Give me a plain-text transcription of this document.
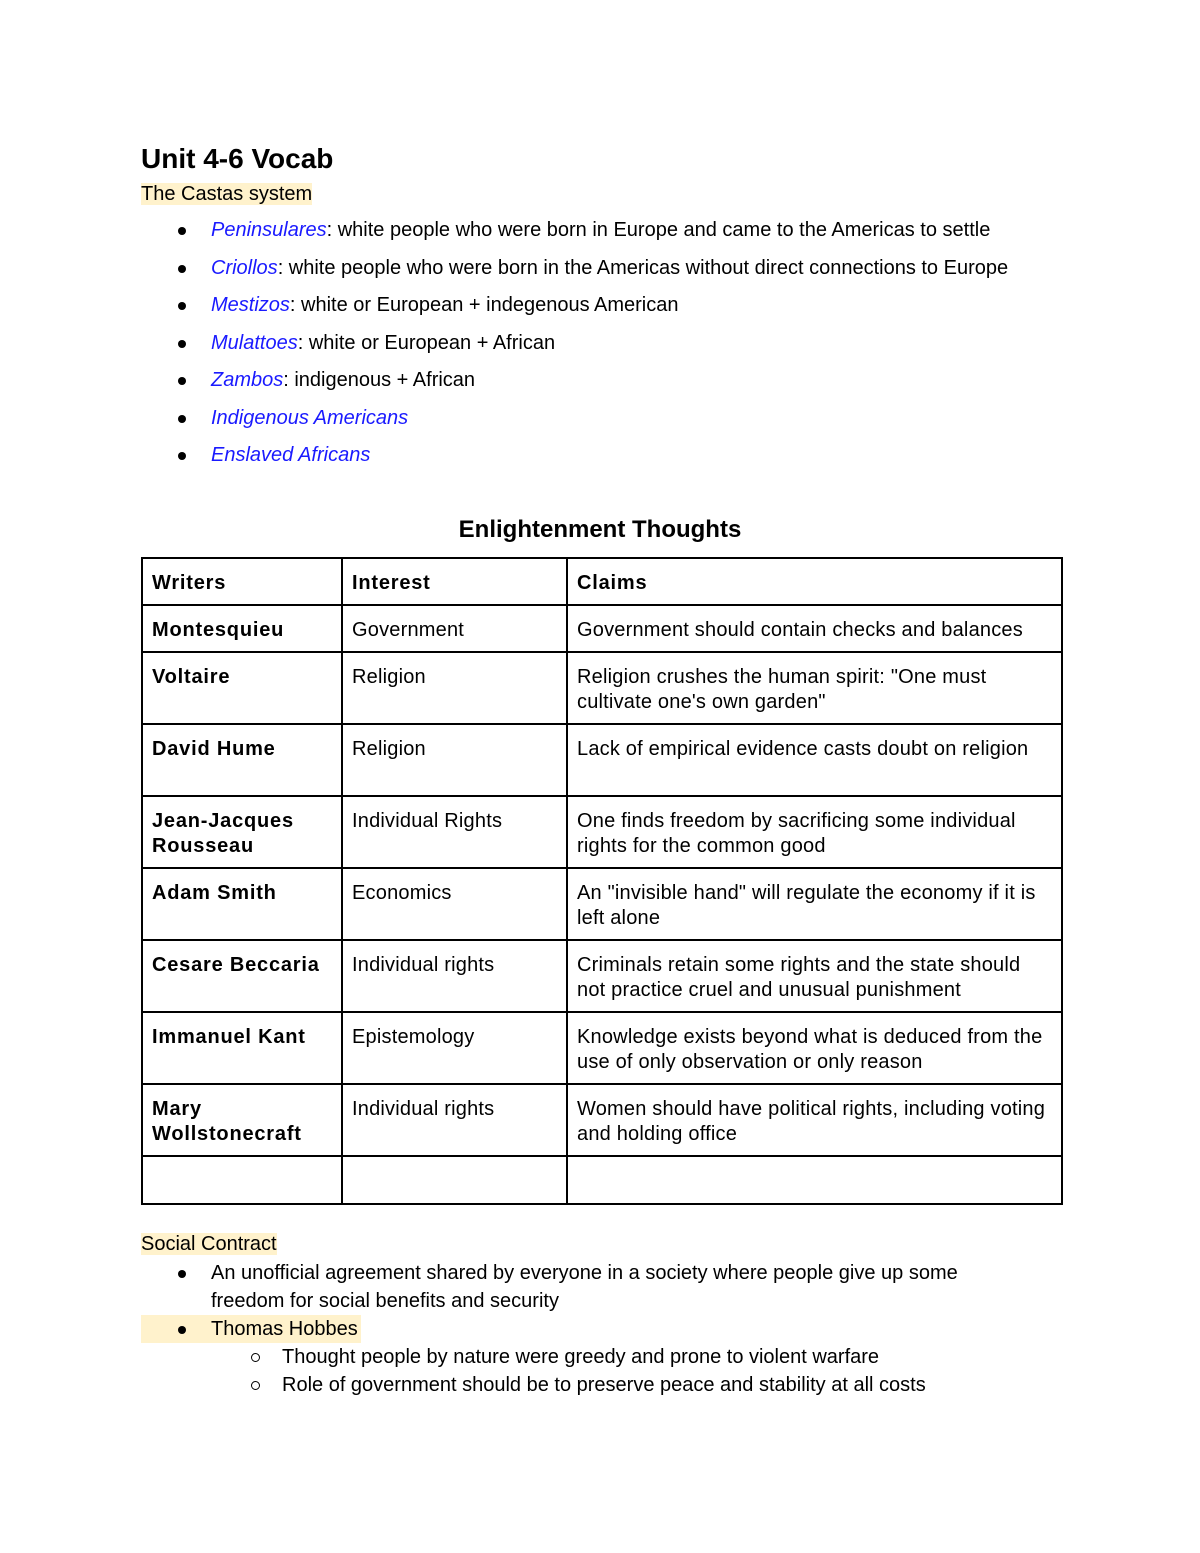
Unit 4-6 Vocab

The Castas system

Peninsulares: white people who were born in Europe and came to the Americas to settle
Criollos: white people who were born in the Americas without direct connections to Europe
Mestizos: white or European + indegenous American
Mulattoes: white or European + African
Zambos: indigenous + African
Indigenous Americans
Enslaved Africans
Enlightenment Thoughts
Writers	Interest	Claims
Montesquieu	Government	Government should contain checks and balances
Voltaire	Religion	Religion crushes the human spirit: "One must cultivate one's own garden"
David Hume	Religion	Lack of empirical evidence casts doubt on religion
Jean-Jacques Rousseau	Individual Rights	One finds freedom by sacrificing some individual rights for the common good
Adam Smith	Economics	An "invisible hand" will regulate the economy if it is left alone
Cesare Beccaria	Individual rights	Criminals retain some rights and the state should not practice cruel and unusual punishment
Immanuel Kant	Epistemology	Knowledge exists beyond what is deduced from the use of only observation or only reason
Mary Wollstonecraft	Individual rights	Women should have political rights, including voting and holding office

Social Contract

An unofficial agreement shared by everyone in a society where people give up some freedom for social benefits and security
Thomas Hobbes
Thought people by nature were greedy and prone to violent warfare
Role of government should be to preserve peace and stability at all costs
